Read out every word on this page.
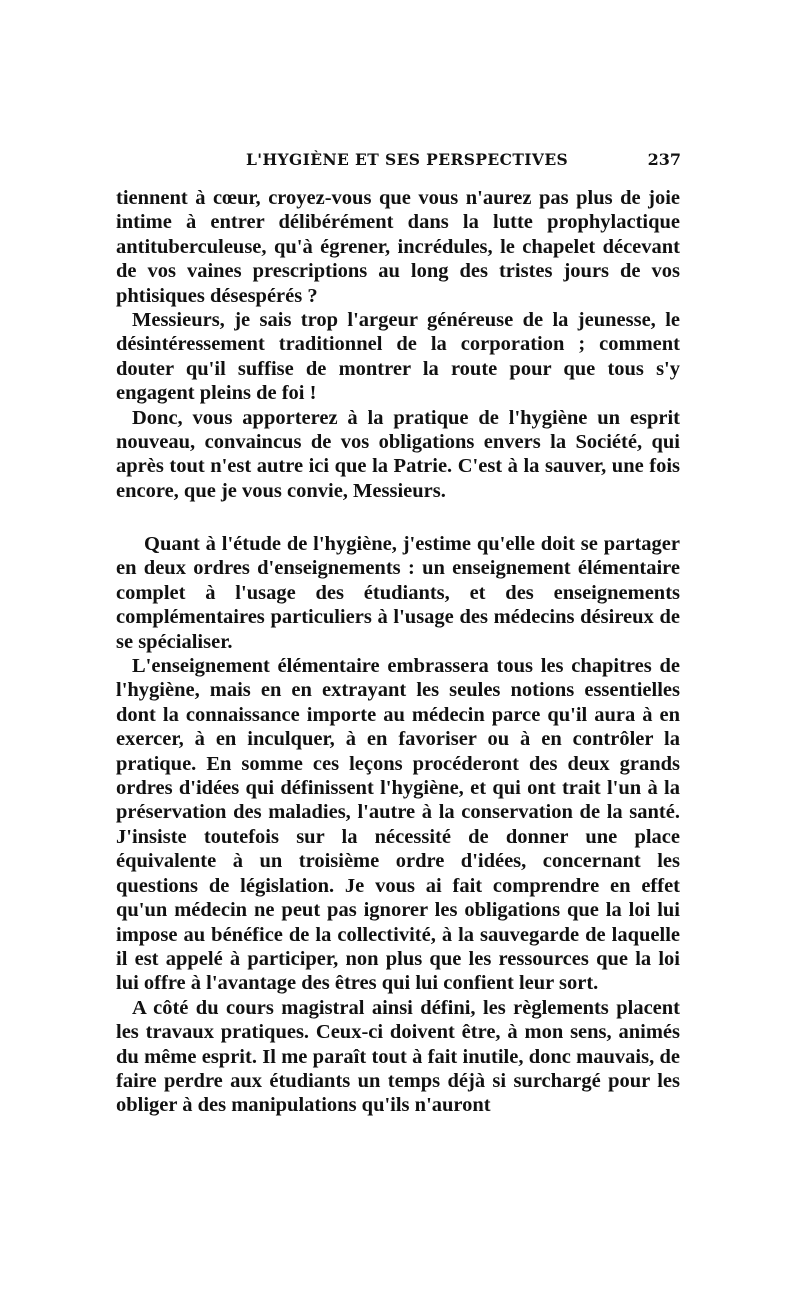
L'HYGIÈNE ET SES PERSPECTIVES	237

tiennent à cœur, croyez-vous que vous n'aurez pas plus de joie intime à entrer délibérément dans la lutte prophylactique antituberculeuse, qu'à égrener, incrédules, le chapelet décevant de vos vaines prescriptions au long des tristes jours de vos phtisiques désespérés ?

Messieurs, je sais trop l'argeur généreuse de la jeunesse, le désintéressement traditionnel de la corporation ; comment douter qu'il suffise de montrer la route pour que tous s'y engagent pleins de foi !

Donc, vous apporterez à la pratique de l'hygiène un esprit nouveau, convaincus de vos obligations envers la Société, qui après tout n'est autre ici que la Patrie. C'est à la sauver, une fois encore, que je vous convie, Messieurs.

Quant à l'étude de l'hygiène, j'estime qu'elle doit se partager en deux ordres d'enseignements : un enseignement élémentaire complet à l'usage des étudiants, et des enseignements complémentaires particuliers à l'usage des médecins désireux de se spécialiser.

L'enseignement élémentaire embrassera tous les chapitres de l'hygiène, mais en en extrayant les seules notions essentielles dont la connaissance importe au médecin parce qu'il aura à en exercer, à en inculquer, à en favoriser ou à en contrôler la pratique. En somme ces leçons procéderont des deux grands ordres d'idées qui définissent l'hygiène, et qui ont trait l'un à la préservation des maladies, l'autre à la conservation de la santé. J'insiste toutefois sur la nécessité de donner une place équivalente à un troisième ordre d'idées, concernant les questions de législation. Je vous ai fait comprendre en effet qu'un médecin ne peut pas ignorer les obligations que la loi lui impose au bénéfice de la collectivité, à la sauvegarde de laquelle il est appelé à participer, non plus que les ressources que la loi lui offre à l'avantage des êtres qui lui confient leur sort.

A côté du cours magistral ainsi défini, les règlements placent les travaux pratiques. Ceux-ci doivent être, à mon sens, animés du même esprit. Il me paraît tout à fait inutile, donc mauvais, de faire perdre aux étudiants un temps déjà si surchargé pour les obliger à des manipulations qu'ils n'auront
